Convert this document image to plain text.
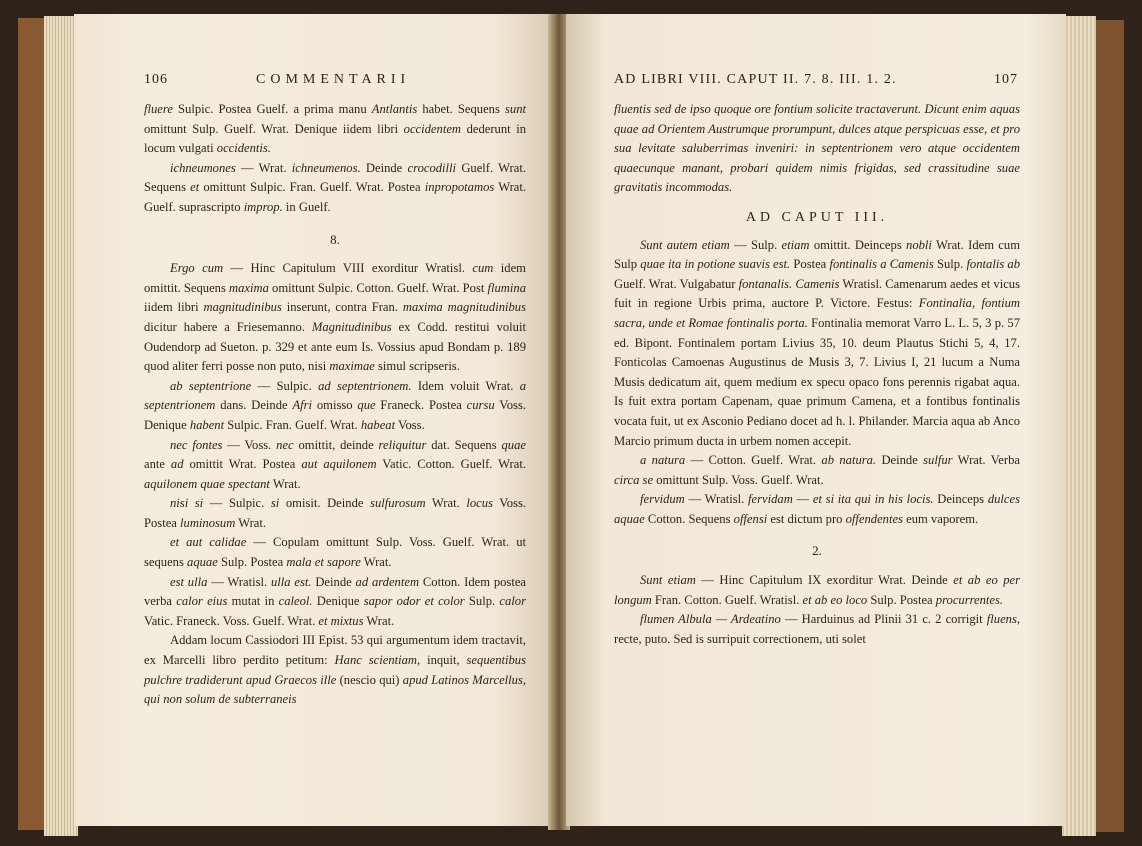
106	COMMENTARII

fluere Sulpic. Postea Guelf. a prima manu Antlantis habet. Sequens sunt omittunt Sulp. Guelf. Wrat. Denique iidem libri occidentem dederunt in locum vulgati occidentis.

ichneumones — Wrat. ichneumenos. Deinde crocodilli Guelf. Wrat. Sequens et omittunt Sulpic. Fran. Guelf. Wrat. Postea inpropotamos Wrat. Guelf. suprascripto improp. in Guelf.

8.

Ergo cum — Hinc Capitulum VIII exorditur Wratisl. cum idem omittit. Sequens maxima omittunt Sulpic. Cotton. Guelf. Wrat. Post flumina iidem libri magnitudinibus inserunt, contra Fran. maxima magnitudinibus dicitur habere a Friesemanno. Magnitudinibus ex Codd. restitui voluit Oudendorp ad Sueton. p. 329 et ante eum Is. Vossius apud Bondam p. 189 quod aliter ferri posse non puto, nisi maximae simul scripseris.

ab septentrione — Sulpic. ad septentrionem. Idem voluit Wrat. a septentrionem dans. Deinde Afri omisso que Franeck. Postea cursu Voss. Denique habent Sulpic. Fran. Guelf. Wrat. habeat Voss.

nec fontes — Voss. nec omittit, deinde reliquitur dat. Sequens quae ante ad omittit Wrat. Postea aut aquilonem Vatic. Cotton. Guelf. Wrat. aquilonem quae spectant Wrat.

nisi si — Sulpic. si omisit. Deinde sulfurosum Wrat. locus Voss. Postea luminosum Wrat.

et aut calidae — Copulam omittunt Sulp. Voss. Guelf. Wrat. ut sequens aquae Sulp. Postea mala et sapore Wrat.

est ulla — Wratisl. ulla est. Deinde ad ardentem Cotton. Idem postea verba calor eius mutat in caleol. Denique sapor odor et color Sulp. calor Vatic. Franeck. Voss. Guelf. Wrat. et mixtus Wrat.

Addam locum Cassiodori III Epist. 53 qui argumentum idem tractavit, ex Marcelli libro perdito petitum: Hanc scientiam, inquit, sequentibus pulchre tradiderunt apud Graecos ille (nescio qui) apud Latinos Marcellus, qui non solum de subterraneis

AD LIBRI VIII. CAPUT II. 7. 8. III. 1. 2.	107

fluentis sed de ipso quoque ore fontium solicite tractaverunt. Dicunt enim aquas quae ad Orientem Austrumque prorumpunt, dulces atque perspicuas esse, et pro sua levitate saluberrimas inveniri: in septentrionem vero atque occidentem quaecunque manant, probari quidem nimis frigidas, sed crassitudine suae gravitatis incommodas.

AD CAPUT III.

Sunt autem etiam — Sulp. etiam omittit. Deinceps nobli Wrat. Idem cum Sulp quae ita in potione suavis est. Postea fontinalis a Camenis Sulp. fontalis ab Guelf. Wrat. Vulgabatur fontanalis. Camenis Wratisl. Camenarum aedes et vicus fuit in regione Urbis prima, auctore P. Victore. Festus: Fontinalia, fontium sacra, unde et Romae fontinalis porta. Fontinalia memorat Varro L. L. 5, 3 p. 57 ed. Bipont. Fontinalem portam Livius 35, 10. deum Plautus Stichi 5, 4, 17. Fonticolas Camoenas Augustinus de Musis 3, 7. Livius I, 21 lucum a Numa Musis dedicatum ait, quem medium ex specu opaco fons perennis rigabat aqua. Is fuit extra portam Capenam, quae primum Camena, et a fontibus fontinalis vocata fuit, ut ex Asconio Pediano docet ad h. l. Philander. Marcia aqua ab Anco Marcio primum ducta in urbem nomen accepit.

a natura — Cotton. Guelf. Wrat. ab natura. Deinde sulfur Wrat. Verba circa se omittunt Sulp. Voss. Guelf. Wrat.

fervidum — Wratisl. fervidam — et si ita qui in his locis. Deinceps dulces aquae Cotton. Sequens offensi est dictum pro offendentes eum vaporem.

2.

Sunt etiam — Hinc Capitulum IX exorditur Wrat. Deinde et ab eo per longum Fran. Cotton. Guelf. Wratisl. et ab eo loco Sulp. Postea procurrentes.

flumen Albula — Ardeatino — Harduinus ad Plinii 31 c. 2 corrigit fluens, recte, puto. Sed is surripuit correctionem, uti solet
